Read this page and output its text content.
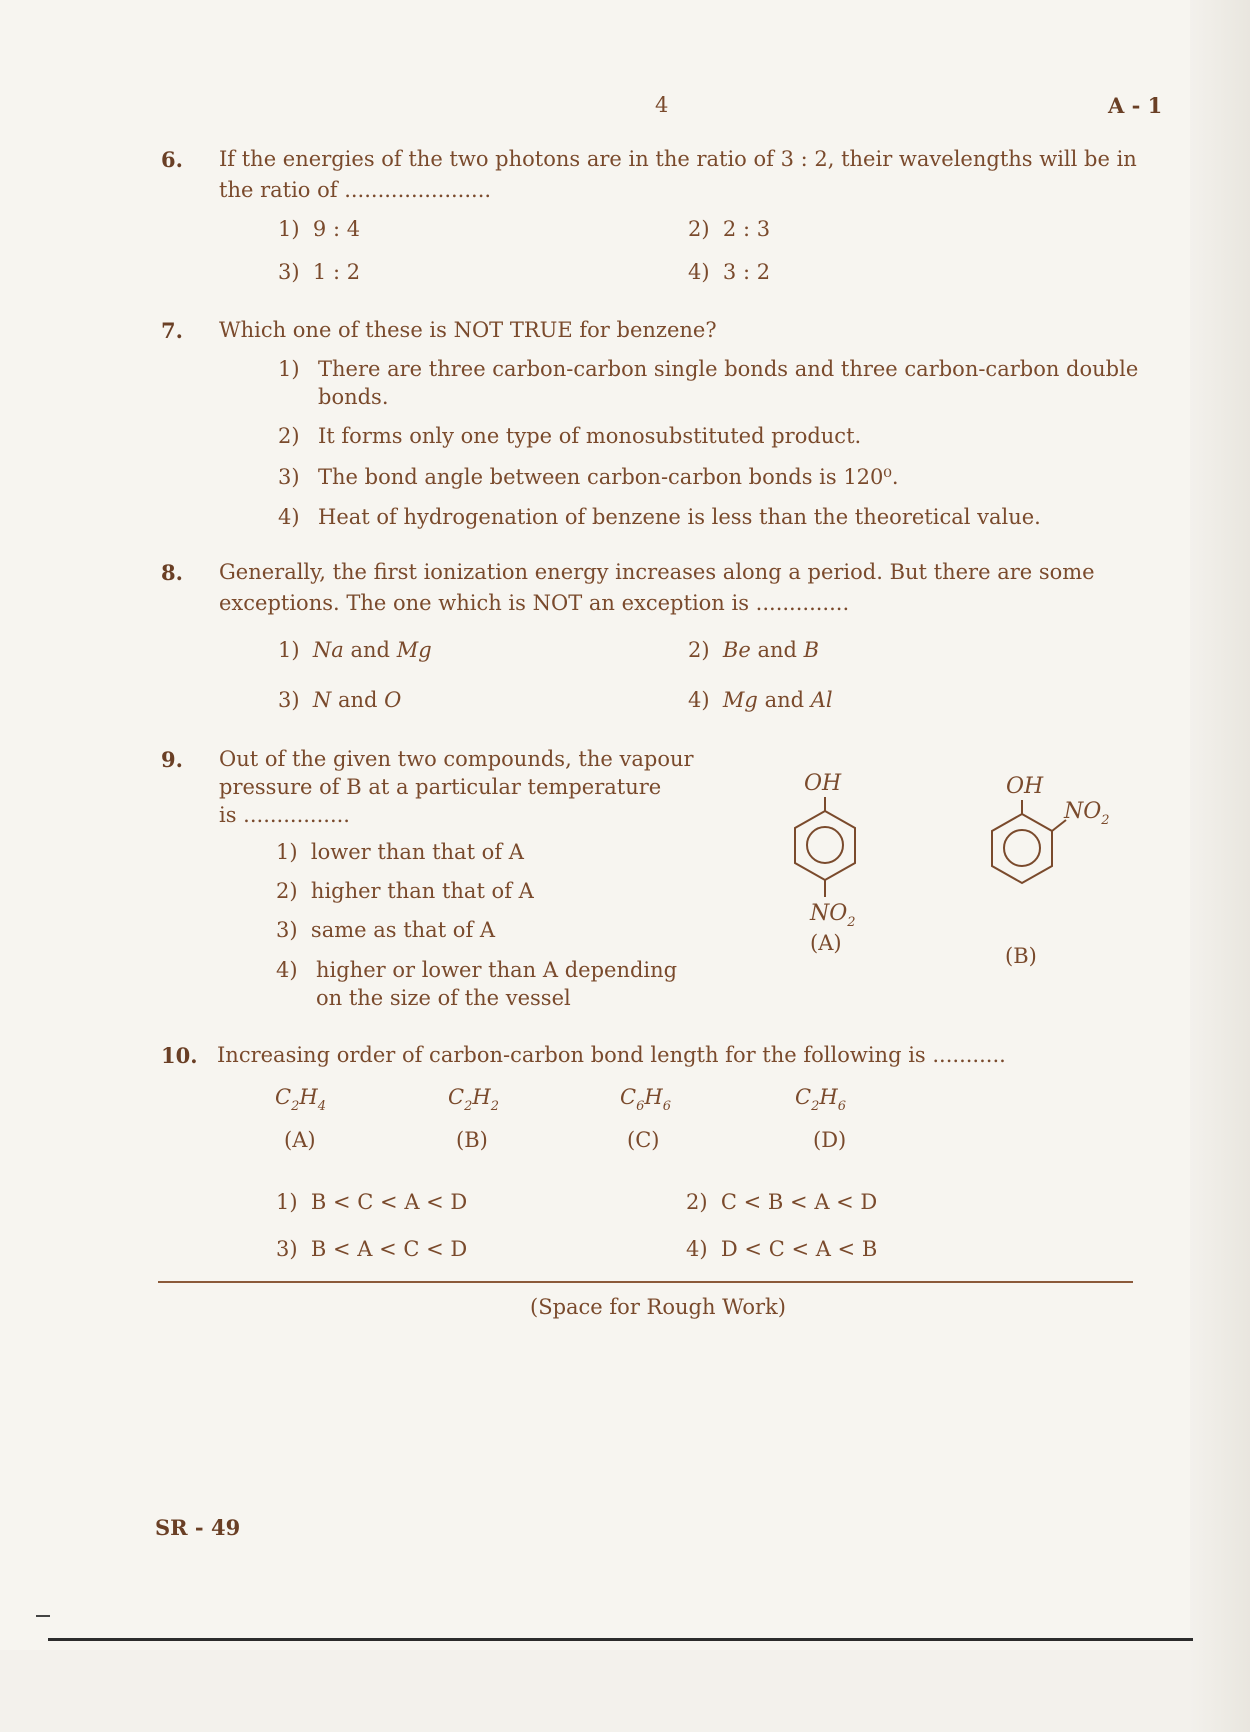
4	A - 1
6. If the energies of the two photons are in the ratio of 3 : 2, their wavelengths will be in
the ratio of ......................
1) 9 : 4	2) 2 : 3
3) 1 : 2	4) 3 : 2
7. Which one of these is NOT TRUE for benzene?
1) There are three carbon-carbon single bonds and three carbon-carbon double
bonds.
2) It forms only one type of monosubstituted product.
3) The bond angle between carbon-carbon bonds is 120⁰.
4) Heat of hydrogenation of benzene is less than the theoretical value.
8. Generally, the first ionization energy increases along a period. But there are some
exceptions. The one which is NOT an exception is ..............
1) Na and Mg	2) Be and B
3) N and O	4) Mg and Al
9. Out of the given two compounds, the vapour
pressure of B at a particular temperature
is ................
1) lower than that of A
2) higher than that of A
3) same as that of A
4) higher or lower than A depending
on the size of the vessel
OH
$NO_2$
(A)
OH
$NO_2$
(B)
10. Increasing order of carbon-carbon bond length for the following is ...........
$C_2H_4$
(A)
$C_2H_2$
(B)
$C_6H_6$
(C)
$C_2H_6$
(D)
1) B < C < A < D	2) C < B < A < D
3) B < A < C < D	4) D < C < A < B
(Space for Rough Work)
SR - 49
